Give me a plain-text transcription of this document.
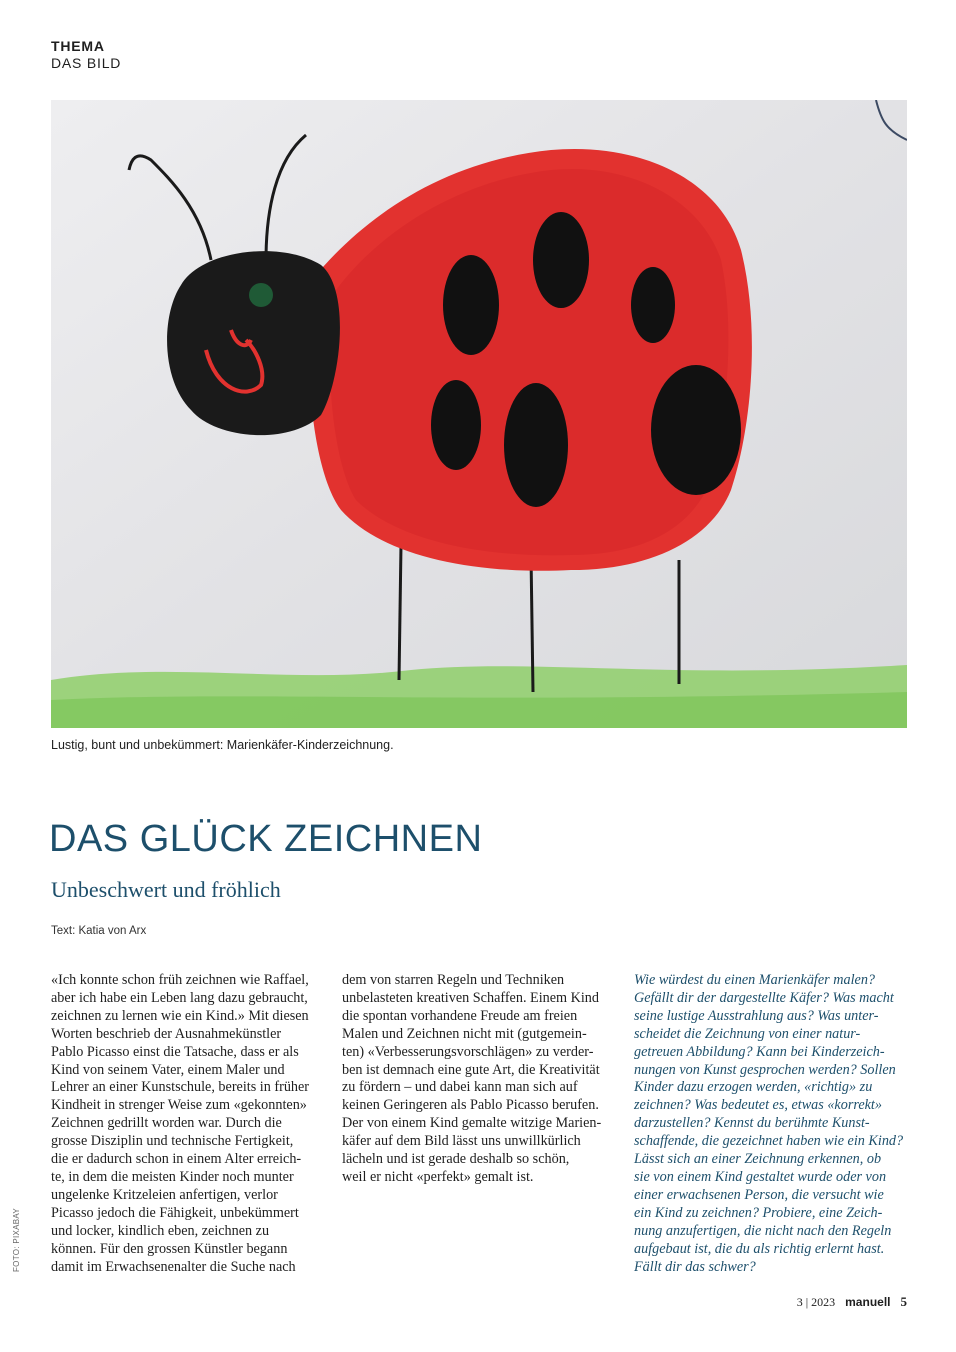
THEMA
DAS BILD
Lustig, bunt und unbekümmert: Marienkäfer-Kinderzeichnung.
DAS GLÜCK ZEICHNEN
Unbeschwert und fröhlich
Text: Katia von Arx

«Ich konnte schon früh zeichnen wie Raffael,
aber ich habe ein Leben lang dazu gebraucht,
zeichnen zu lernen wie ein Kind.» Mit diesen
Worten beschrieb der Ausnahmekünstler
Pablo Picasso einst die Tatsache, dass er als
Kind von seinem Vater, einem Maler und
Lehrer an einer Kunstschule, bereits in früher
Kindheit in strenger Weise zum «gekonnten»
Zeichnen gedrillt worden war. Durch die
grosse Disziplin und technische Fertigkeit,
die er dadurch schon in einem Alter erreich-
te, in dem die meisten Kinder noch munter
ungelenke Kritzeleien anfertigen, verlor
Picasso jedoch die Fähigkeit, unbekümmert
und locker, kindlich eben, zeichnen zu
können. Für den grossen Künstler begann
damit im Erwachsenenalter die Suche nach

dem von starren Regeln und Techniken
unbelasteten kreativen Schaffen. Einem Kind
die spontan vorhandene Freude am freien
Malen und Zeichnen nicht mit (gutgemein-
ten) «Verbesserungsvorschlägen» zu verder-
ben ist demnach eine gute Art, die Kreativität
zu fördern – und dabei kann man sich auf
keinen Geringeren als Pablo Picasso berufen.
Der von einem Kind gemalte witzige Marien-
käfer auf dem Bild lässt uns unwillkürlich
lächeln und ist gerade deshalb so schön,
weil er nicht «perfekt» gemalt ist.

Wie würdest du einen Marienkäfer malen?
Gefällt dir der dargestellte Käfer? Was macht
seine lustige Ausstrahlung aus? Was unter-
scheidet die Zeichnung von einer natur-
getreuen Abbildung? Kann bei Kinderzeich-
nungen von Kunst gesprochen werden? Sollen
Kinder dazu erzogen werden, «richtig» zu
zeichnen? Was bedeutet es, etwas «korrekt»
darzustellen? Kennst du berühmte Kunst-
schaffende, die gezeichnet haben wie ein Kind?
Lässt sich an einer Zeichnung erkennen, ob
sie von einem Kind gestaltet wurde oder von
einer erwachsenen Person, die versucht wie
ein Kind zu zeichnen? Probiere, eine Zeich-
nung anzufertigen, die nicht nach den Regeln
aufgebaut ist, die du als richtig erlernt hast.
Fällt dir das schwer?

FOTO: PIXABAY
3 | 2023 manuell 5
